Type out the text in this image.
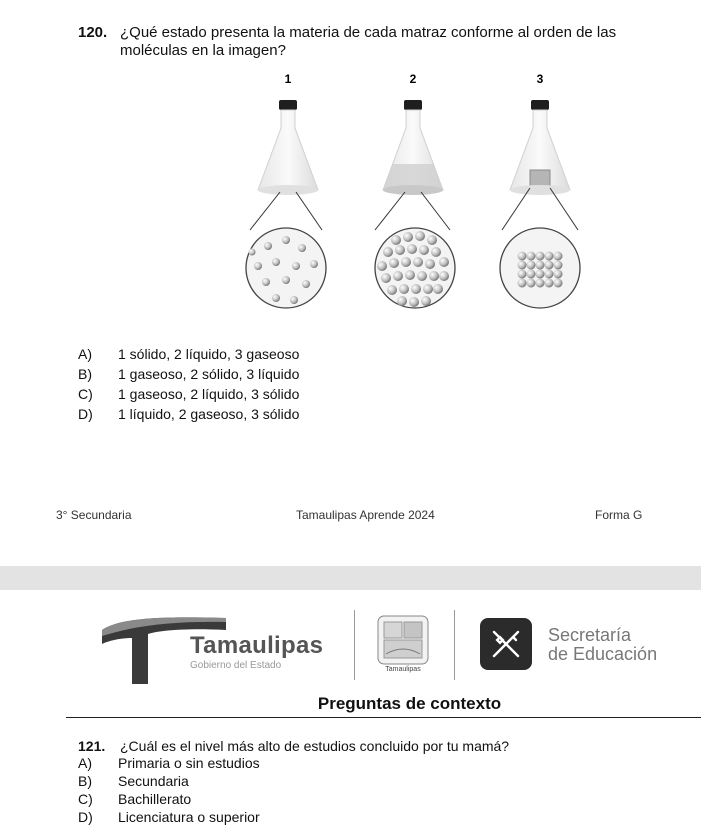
120. ¿Qué estado presenta la materia de cada matraz conforme al orden de las moléculas en la imagen?
1	2	3
A) 1 sólido, 2 líquido, 3 gaseoso
B) 1 gaseoso, 2 sólido, 3 líquido
C) 1 gaseoso, 2 líquido, 3 sólido
D) 1 líquido, 2 gaseoso, 3 sólido
3° Secundaria	Tamaulipas Aprende 2024	Forma G
Tamaulipas
Gobierno del Estado	Tamaulipas
Secretaría
de Educación
Preguntas de contexto
121. ¿Cuál es el nivel más alto de estudios concluido por tu mamá?
A) Primaria o sin estudios
B) Secundaria
C) Bachillerato
D) Licenciatura o superior
